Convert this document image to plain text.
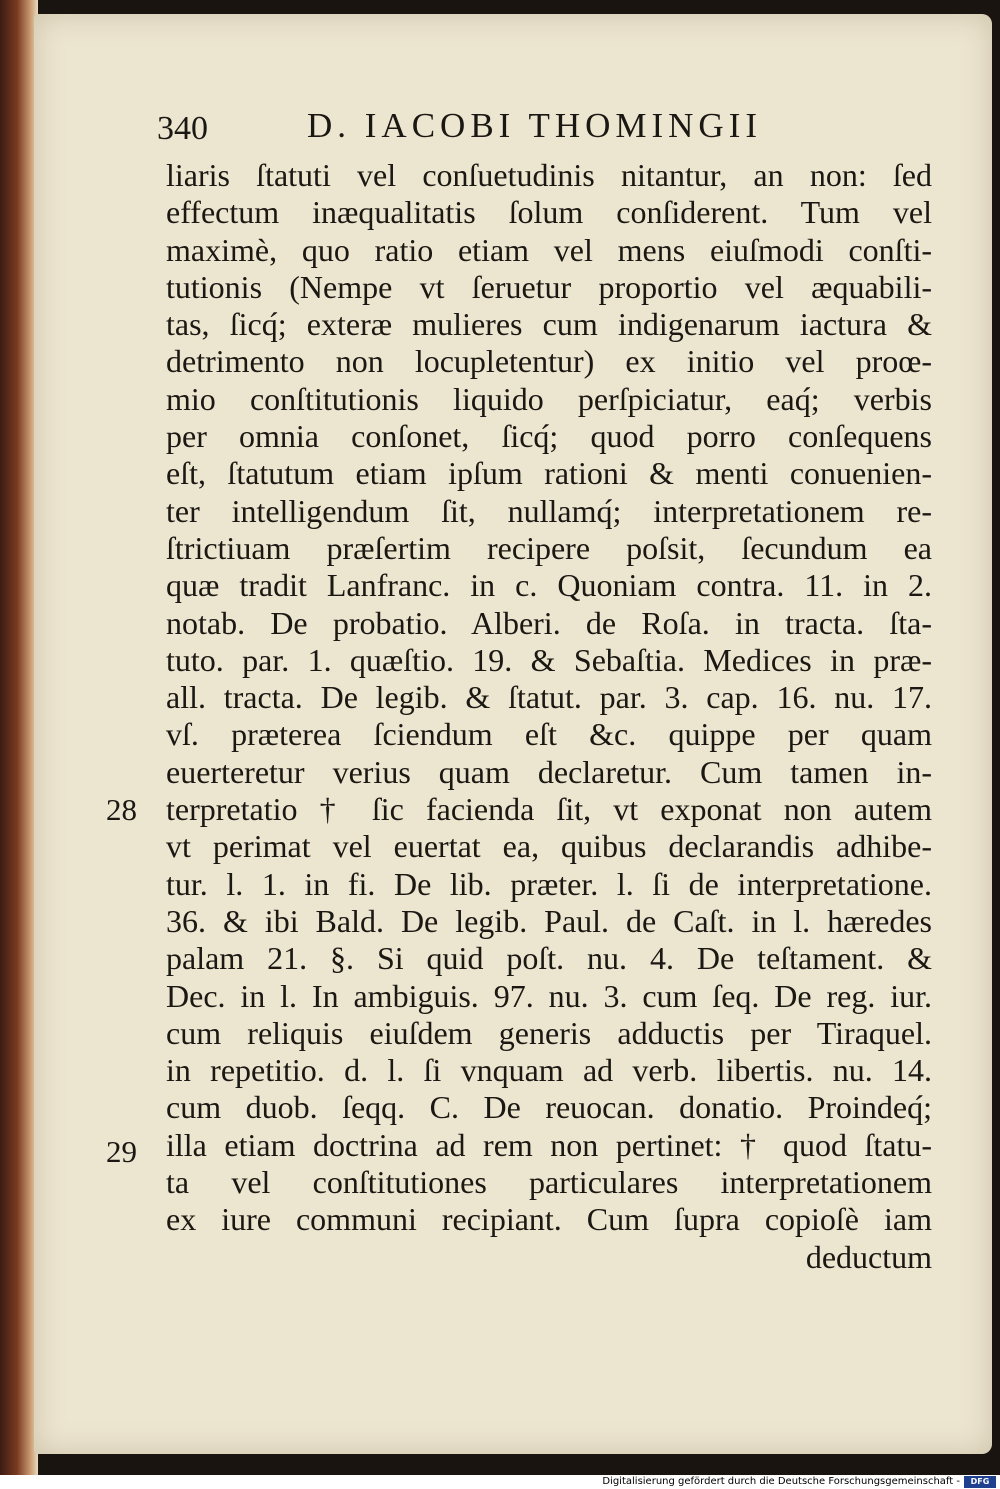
340	D. IACOBI THOMINGII
liaris ſtatuti vel conſuetudinis nitantur, an non: ſed
effectum inæqualitatis ſolum conſiderent. Tum vel
maximè, quo ratio etiam vel mens eiuſmodi conſti-
tutionis (Nempe vt ſeruetur proportio vel æquabili-
tas, ſicq́; exteræ mulieres cum indigenarum iactura &
detrimento non locupletentur) ex initio vel proœ-
mio conſtitutionis liquido perſpiciatur, eaq́; verbis
per omnia conſonet, ſicq́; quod porro conſequens
eſt, ſtatutum etiam ipſum rationi & menti conuenien-
ter intelligendum ſit, nullamq́; interpretationem re-
ſtrictiuam præſertim recipere poſsit, ſecundum ea
quæ tradit Lanfranc. in c. Quoniam contra. 11. in 2.
notab. De probatio. Alberi. de Roſa. in tracta. ſta-
tuto. par. 1. quæſtio. 19. & Sebaſtia. Medices in præ-
all. tracta. De legib. & ſtatut. par. 3. cap. 16. nu. 17.
vſ. præterea ſciendum eſt &c. quippe per quam
euerteretur verius quam declaretur. Cum tamen in-
terpretatio † ſic facienda ſit, vt exponat non autem
vt perimat vel euertat ea, quibus declarandis adhibe-
tur. l. 1. in fi. De lib. præter. l. ſi de interpretatione.
36. & ibi Bald. De legib. Paul. de Caſt. in l. hæredes
palam 21. §. Si quid poſt. nu. 4. De teſtament. &
Dec. in l. In ambiguis. 97. nu. 3. cum ſeq. De reg. iur.
cum reliquis eiuſdem generis adductis per Tiraquel.
in repetitio. d. l. ſi vnquam ad verb. libertis. nu. 14.
cum duob. ſeqq. C. De reuocan. donatio. Proindeq́;
illa etiam doctrina ad rem non pertinet: † quod ſtatu-
ta vel conſtitutiones particulares interpretationem
ex iure communi recipiant. Cum ſupra copioſè iam
deductum
28
29
Digitalisierung gefördert durch die Deutsche Forschungsgemeinschaft -	DFG
